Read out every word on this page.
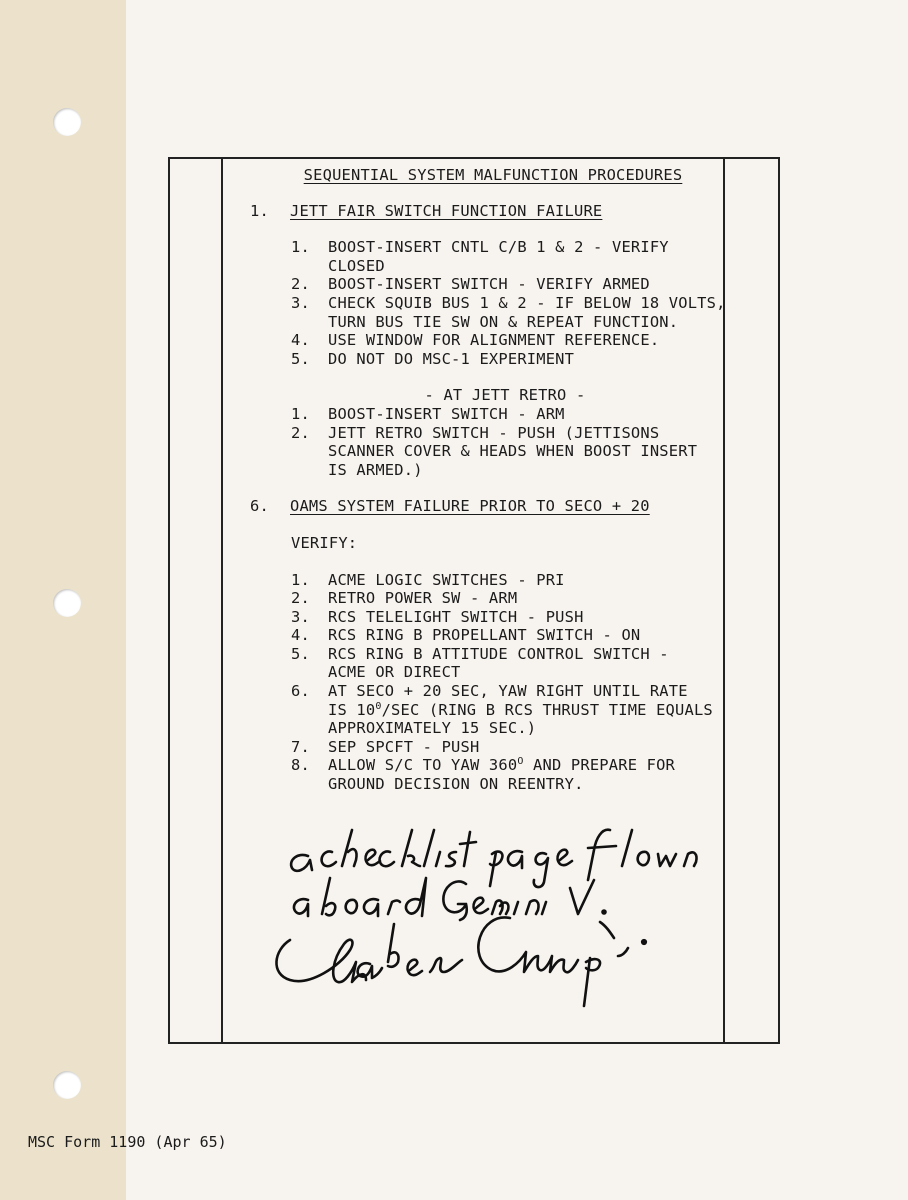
SEQUENTIAL SYSTEM MALFUNCTION PROCEDURES
1.	JETT FAIR SWITCH FUNCTION FAILURE
1.	BOOST-INSERT CNTL C/B 1 & 2 - VERIFY
CLOSED
2.	BOOST-INSERT SWITCH - VERIFY ARMED
3.	CHECK SQUIB BUS 1 & 2 - IF BELOW 18 VOLTS,
TURN BUS TIE SW ON & REPEAT FUNCTION.
4.	USE WINDOW FOR ALIGNMENT REFERENCE.
5.	DO NOT DO MSC-1 EXPERIMENT
- AT JETT RETRO -
1.	BOOST-INSERT SWITCH - ARM
2.	JETT RETRO SWITCH - PUSH (JETTISONS
SCANNER COVER & HEADS WHEN BOOST INSERT
IS ARMED.)
6.	OAMS SYSTEM FAILURE PRIOR TO SECO + 20
VERIFY:
1.	ACME LOGIC SWITCHES - PRI
2.	RETRO POWER SW - ARM
3.	RCS TELELIGHT SWITCH - PUSH
4.	RCS RING B PROPELLANT SWITCH - ON
5.	RCS RING B ATTITUDE CONTROL SWITCH -
ACME OR DIRECT
6.	AT SECO + 20 SEC, YAW RIGHT UNTIL RATE
IS $10^0$/SEC (RING B RCS THRUST TIME EQUALS
APPROXIMATELY 15 SEC.)
7.	SEP SPCFT - PUSH
8.	ALLOW S/C TO YAW $360^O$ AND PREPARE FOR
GROUND DECISION ON REENTRY.
MSC Form 1190 (Apr 65)
